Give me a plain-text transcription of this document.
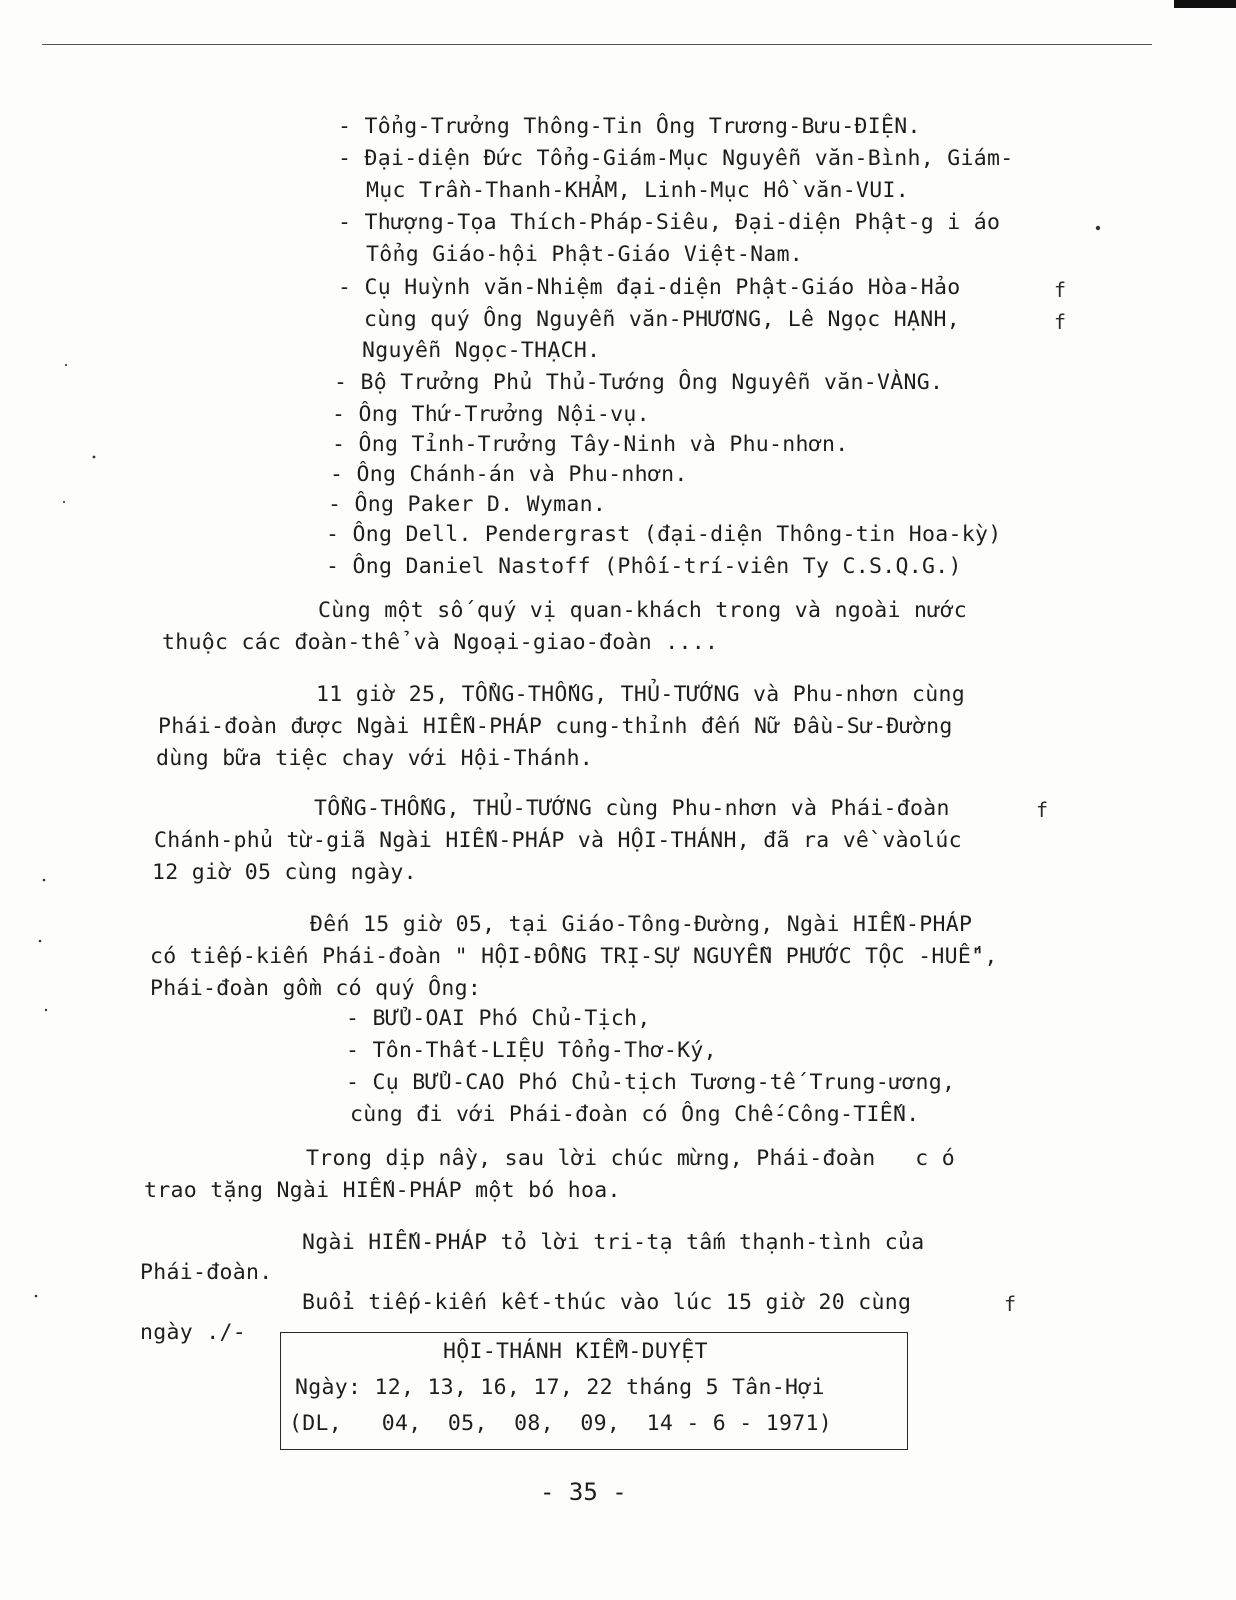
- Tổng-Trưởng Thông-Tin Ông Trương-Bưu-ĐIỆN.
- Đại-diện Đức Tổng-Giám-Mục Nguyễn văn-Bình, Giám-
Mục Trần-Thanh-KHẢM, Linh-Mục Hồ văn-VUI.
- Thượng-Tọa Thích-Pháp-Siêu, Đại-diện Phật-g i áo
Tổng Giáo-hội Phật-Giáo Việt-Nam.
- Cụ Huỳnh văn-Nhiệm đại-diện Phật-Giáo Hòa-Hảo
cùng quý Ông Nguyễn văn-PHƯƠNG, Lê Ngọc HẠNH,
Nguyễn Ngọc-THẠCH.
- Bộ Trưởng Phủ Thủ-Tướng Ông Nguyễn văn-VÀNG.
- Ông Thứ-Trưởng Nội-vụ.
- Ông Tỉnh-Trưởng Tây-Ninh và Phu-nhơn.
- Ông Chánh-án và Phu-nhơn.
- Ông Paker D. Wyman.
- Ông Dell. Pendergrast (đại-diện Thông-tin Hoa-kỳ)
- Ông Daniel Nastoff (Phối-trí-viên Ty C.S.Q.G.)
Cùng một số quý vị quan-khách trong và ngoài nước
thuộc các đoàn-thể và Ngoại-giao-đoàn ....
11 giờ 25, TỔNG-THỐNG, THỦ-TƯỚNG và Phu-nhơn cùng
Phái-đoàn được Ngài HIẾN-PHÁP cung-thỉnh đến Nữ Đầu-Sư-Đường
dùng bữa tiệc chay với Hội-Thánh.
TỔNG-THỐNG, THỦ-TƯỚNG cùng Phu-nhơn và Phái-đoàn
Chánh-phủ từ-giã Ngài HIẾN-PHÁP và HỘI-THÁNH, đã ra về vàolúc
12 giờ 05 cùng ngày.
Đến 15 giờ 05, tại Giáo-Tông-Đường, Ngài HIẾN-PHÁP
có tiếp-kiến Phái-đoàn " HỘI-ĐỒNG TRỊ-SỰ NGUYỄN PHƯỚC TỘC -HUẾ",
Phái-đoàn gồm có quý Ông:
- BỬU-OAI Phó Chủ-Tịch,
- Tôn-Thất-LIỆU Tổng-Thơ-Ký,
- Cụ BỬU-CAO Phó Chủ-tịch Tương-tế Trung-ương,
cùng đi với Phái-đoàn có Ông Chế-Công-TIẾN.
Trong dịp nầy, sau lời chúc mừng, Phái-đoàn   c ó
trao tặng Ngài HIẾN-PHÁP một bó hoa.
Ngài HIẾN-PHÁP tỏ lời tri-tạ tấm thạnh-tình của
Phái-đoàn.
Buổi tiếp-kiến kết-thúc vào lúc 15 giờ 20 cùng
ngày ./-
f
f
f
f
HỘI-THÁNH KIỂM-DUYỆT
Ngày: 12, 13, 16, 17, 22 tháng 5 Tân-Hợi
(DL,   04,  05,  08,  09,  14 - 6 - 1971)
- 35 -
